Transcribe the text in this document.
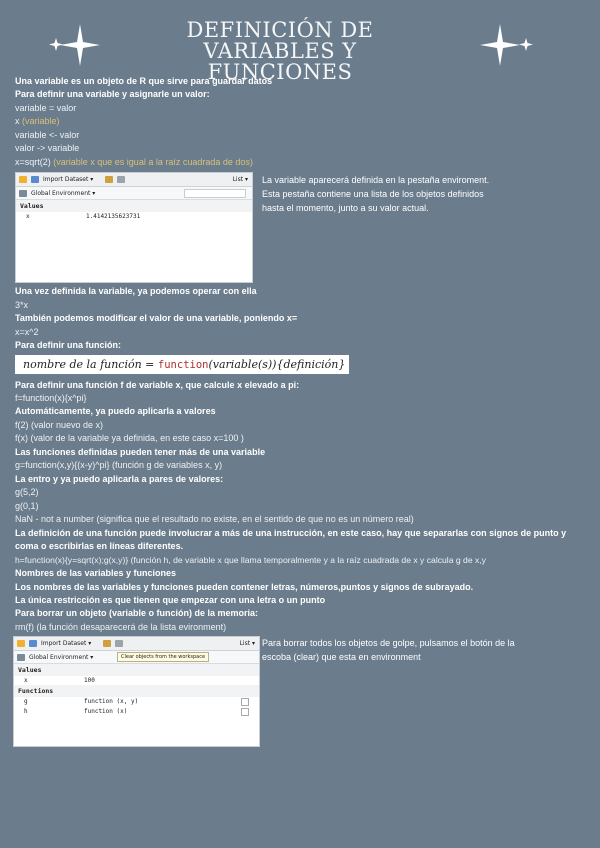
DEFINICIÓN DE VARIABLES Y
FUNCIONES
Una variable es un objeto de R que sirve para guardar datos
Para definir una variable y asignarle un valor:
variable = valor
x (variable)
variable <- valor
valor -> variable
x=sqrt(2) (variable x que es igual a la raíz cuadrada de dos)
Import Dataset ▾	List ▾
Global Environment ▾
Values
x	1.4142135623731
La variable aparecerá definida en la pestaña enviroment.
Esta pestaña contiene una lista de los objetos definidos
hasta el momento, junto a su valor actual.
Una vez definida la variable, ya podemos operar con ella
3*x
También podemos modificar el valor de una variable, poniendo x=
x=x^2
Para definir una función:
nombre de la función = function(variable(s)){definición}
Para definir una función f de variable x, que calcule x elevado a pi:
f=function(x){x^pi}
Automáticamente, ya puedo aplicarla a valores
f(2) (valor nuevo de x)
f(x) (valor de la variable ya definida, en este caso x=100 )
Las funciones definidas pueden tener más de una variable
g=function(x,y){(x-y)^pi} (función g de variables x, y)
La entro y ya puedo aplicarla a pares de valores:
g(5,2)
g(0,1)
NaN - not a number (significa que el resultado no existe, en el sentido de que no es un número real)
La definición de una función puede involucrar a más de una instrucción, en este caso, hay que separarlas con signos de punto y
coma o escribirlas en líneas diferentes.
h=function(x){y=sqrt(x);g(x,y)} (función h, de variable x que llama temporalmente y a la raíz cuadrada de x y calcula g de x,y
Nombres de las variables y funciones
Los nombres de las variables y funciones pueden contener letras, números,puntos y signos de subrayado.
La única restricción es que tienen que empezar con una letra o un punto
Para borrar un objeto (variable o función) de la memoria:
rm(f) (la función desaparecerá de la lista evironment)
Import Dataset ▾	List ▾
Global Environment ▾	Clear objects from the workspace
Values
x	100
Functions
g	function (x, y)
h	function (x)
Para borrar todos los objetos de golpe, pulsamos el botón de la
escoba (clear) que esta en environment
